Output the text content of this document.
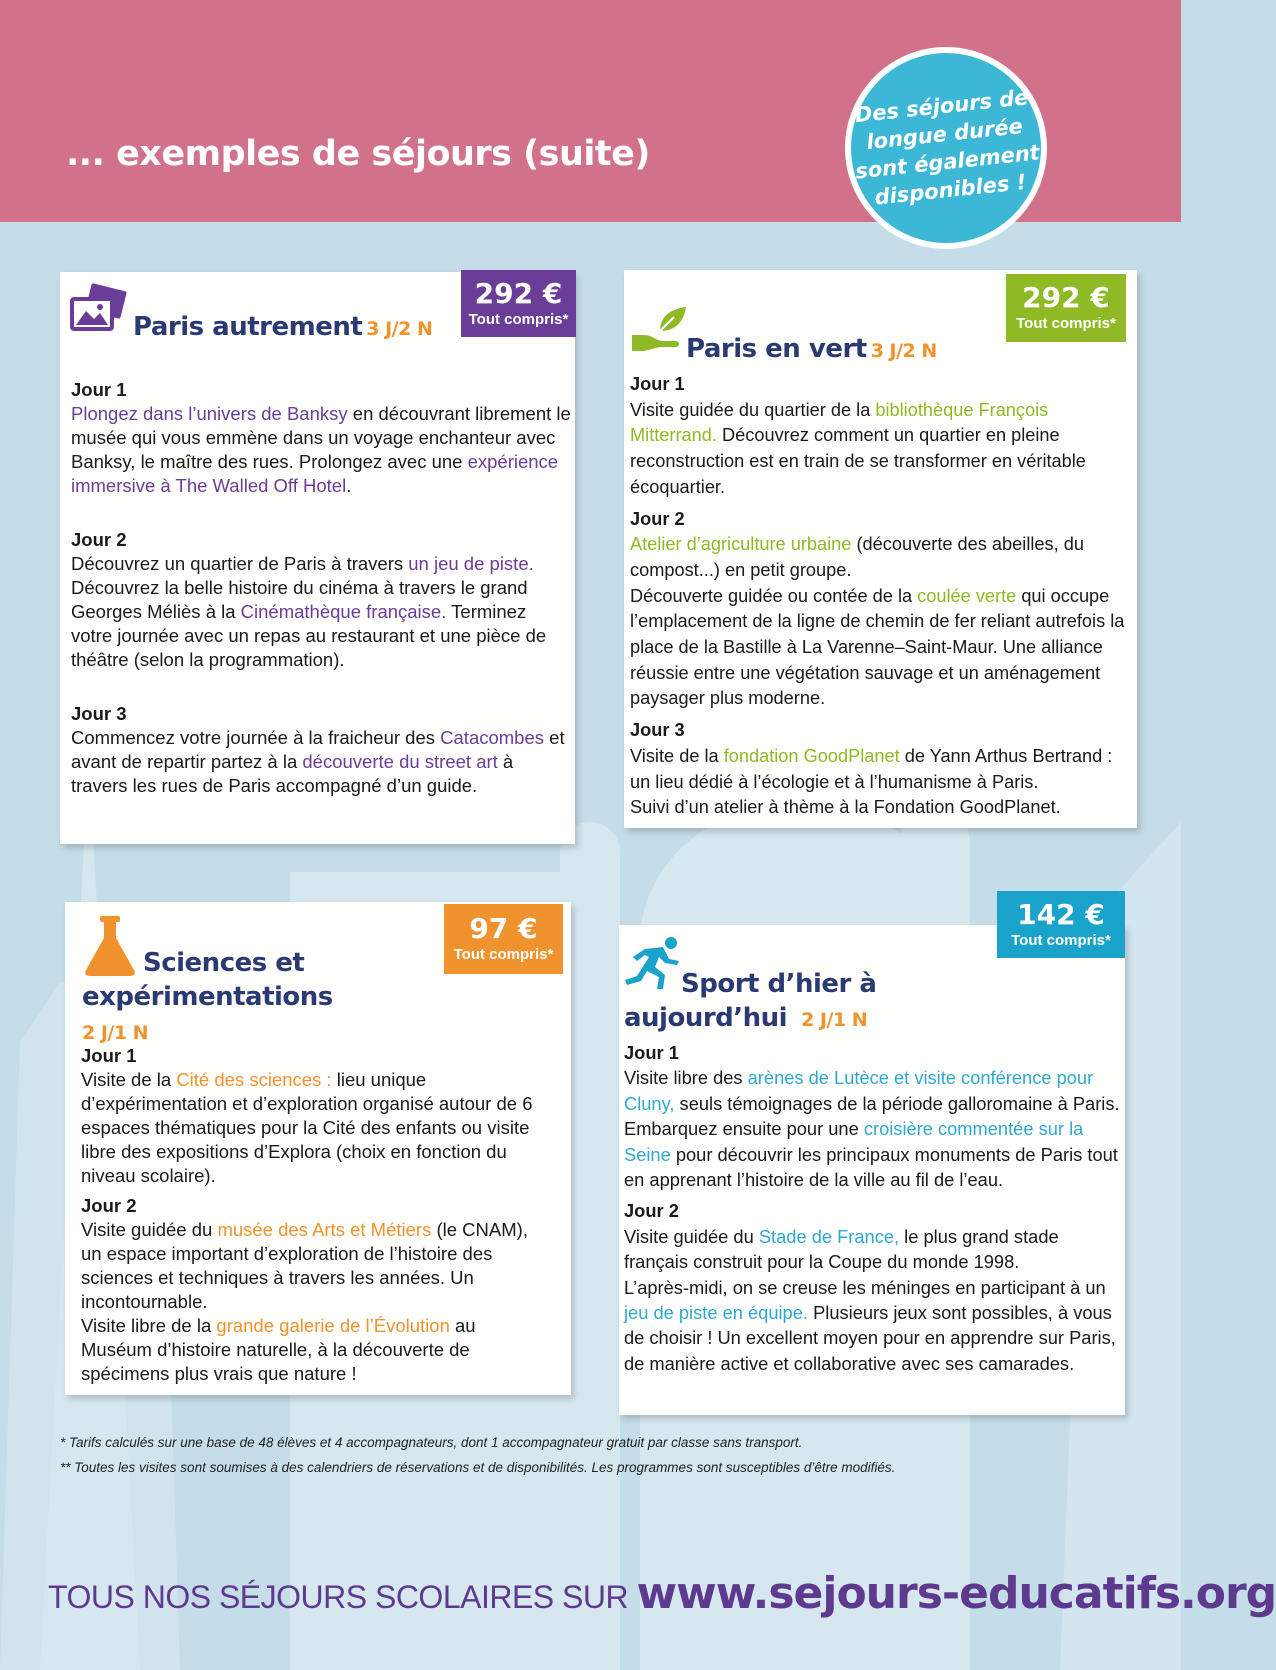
... exemples de séjours (suite)
Des séjours de
longue durée
sont également
disponibles !
292 €
Tout compris*
Paris autrement 3 J/2 N
Jour 1
Plongez dans l’univers de Banksy en découvrant librement le musée qui vous emmène dans un voyage enchanteur avec Banksy, le maître des rues. Prolongez avec une expérience immersive à The Walled Off Hotel.
Jour 2
Découvrez un quartier de Paris à travers un jeu de piste. Découvrez la belle histoire du cinéma à travers le grand Georges Méliès à la Cinémathèque française. Terminez votre journée avec un repas au restaurant et une pièce de théâtre (selon la programmation).
Jour 3
Commencez votre journée à la fraicheur des Catacombes et avant de repartir partez à la découverte du street art à travers les rues de Paris accompagné d’un guide.
292 €
Tout compris*
Paris en vert 3 J/2 N
Jour 1
Visite guidée du quartier de la bibliothèque François Mitterrand. Découvrez comment un quartier en pleine reconstruction est en train de se transformer en véritable écoquartier.
Jour 2
Atelier d’agriculture urbaine (découverte des abeilles, du compost...) en petit groupe.
Découverte guidée ou contée de la coulée verte qui occupe l’emplacement de la ligne de chemin de fer reliant autrefois la place de la Bastille à La Varenne–Saint-Maur. Une alliance réussie entre une végétation sauvage et un aménagement paysager plus moderne.
Jour 3
Visite de la fondation GoodPlanet de Yann Arthus Bertrand : un lieu dédié à l’écologie et à l’humanisme à Paris.
Suivi d’un atelier à thème à la Fondation GoodPlanet.
97 €
Tout compris*
Sciences et
expérimentations
2 J/1 N
Jour 1
Visite de la Cité des sciences : lieu unique d’expérimentation et d’exploration organisé autour de 6 espaces thématiques pour la Cité des enfants ou visite libre des expositions d’Explora (choix en fonction du niveau scolaire).
Jour 2
Visite guidée du musée des Arts et Métiers (le CNAM), un espace important d’exploration de l’histoire des sciences et techniques à travers les années. Un incontournable.
Visite libre de la grande galerie de l’Évolution au Muséum d’histoire naturelle, à la découverte de spécimens plus vrais que nature !
142 €
Tout compris*
Sport d’hier à
aujourd’hui 2 J/1 N
Jour 1
Visite libre des arènes de Lutèce et visite conférence pour Cluny, seuls témoignages de la période galloromaine à Paris. Embarquez ensuite pour une croisière commentée sur la Seine pour découvrir les principaux monuments de Paris tout en apprenant l’histoire de la ville au fil de l’eau.
Jour 2
Visite guidée du Stade de France, le plus grand stade français construit pour la Coupe du monde 1998.
L’après-midi, on se creuse les méninges en participant à un jeu de piste en équipe. Plusieurs jeux sont possibles, à vous de choisir ! Un excellent moyen pour en apprendre sur Paris, de manière active et collaborative avec ses camarades.
* Tarifs calculés sur une base de 48 élèves et 4 accompagnateurs, dont 1 accompagnateur gratuit par classe sans transport.
** Toutes les visites sont soumises à des calendriers de réservations et de disponibilités. Les programmes sont susceptibles d’être modifiés.
TOUS NOS SÉJOURS SCOLAIRES SUR www.sejours-educatifs.org
